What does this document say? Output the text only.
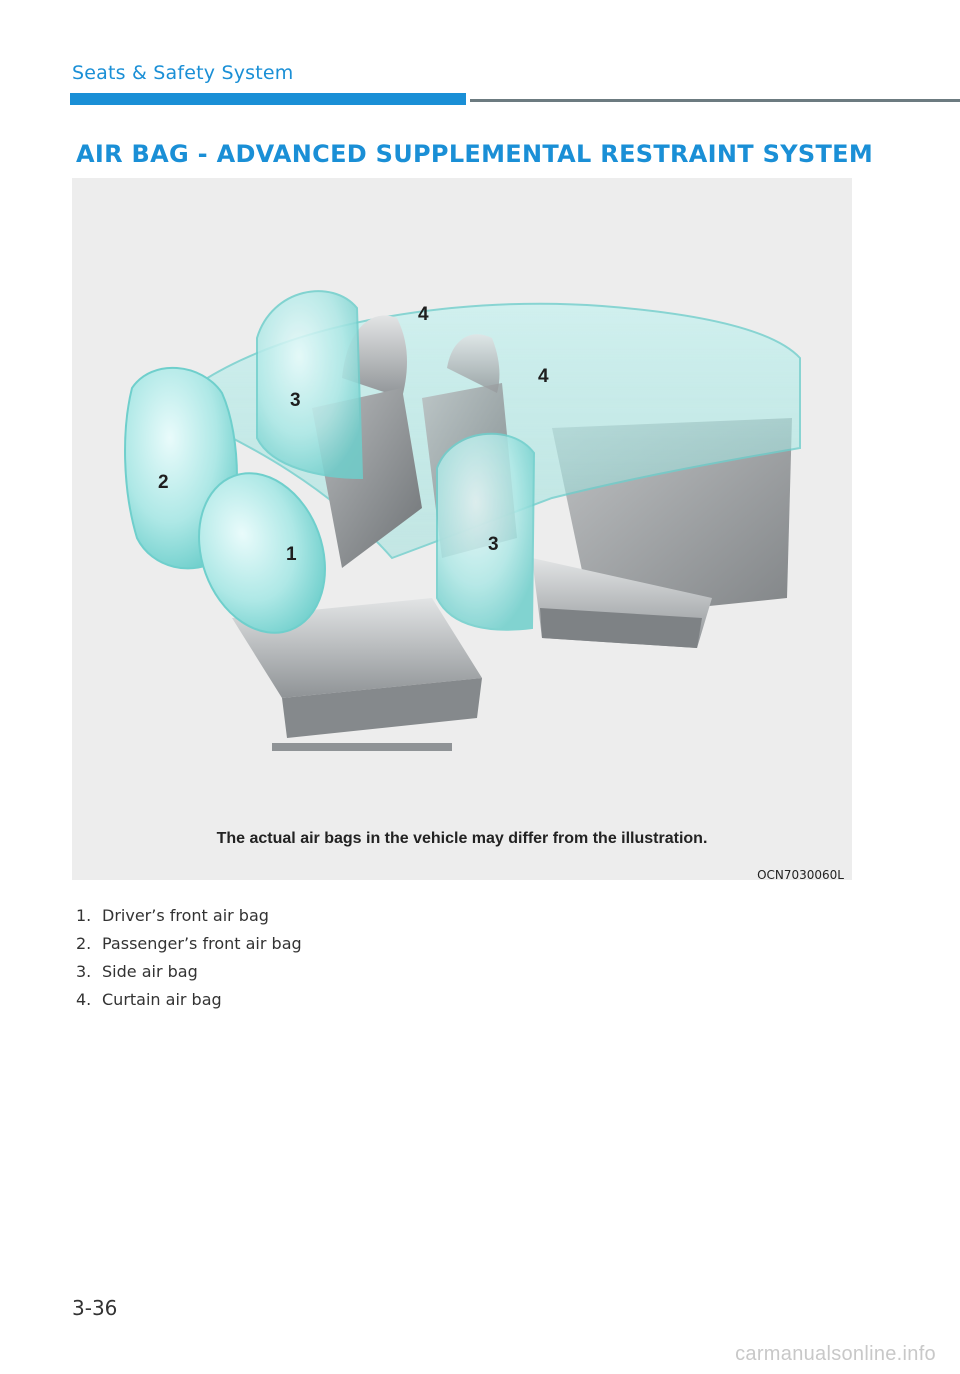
Seats & Safety System
AIR BAG - ADVANCED SUPPLEMENTAL RESTRAINT SYSTEM
1
2
3
3
4
4
The actual air bags in the vehicle may differ from the illustration.
OCN7030060L
1. Driver’s front air bag
2. Passenger’s front air bag
3. Side air bag
4. Curtain air bag
3-36
carmanualsonline.info
